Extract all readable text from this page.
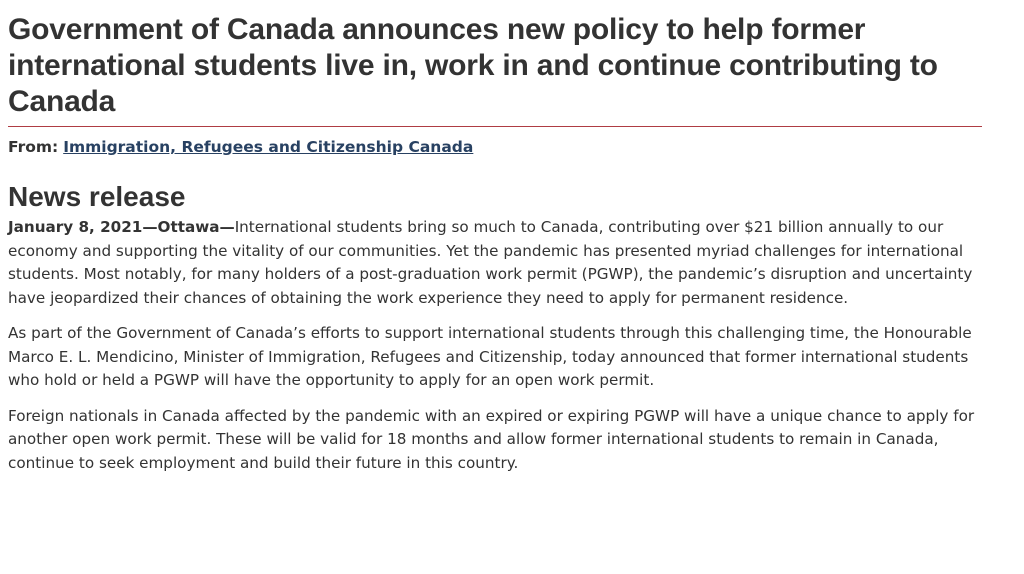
Government of Canada announces new policy to help former international students live in, work in and continue contributing to Canada
From: Immigration, Refugees and Citizenship Canada
News release

January 8, 2021—Ottawa—International students bring so much to Canada, contributing over $21 billion annually to our economy and supporting the vitality of our communities. Yet the pandemic has presented myriad challenges for international students. Most notably, for many holders of a post-graduation work permit (PGWP), the pandemic’s disruption and uncertainty have jeopardized their chances of obtaining the work experience they need to apply for permanent residence.

As part of the Government of Canada’s efforts to support international students through this challenging time, the Honourable Marco E. L. Mendicino, Minister of Immigration, Refugees and Citizenship, today announced that former international students who hold or held a PGWP will have the opportunity to apply for an open work permit.

Foreign nationals in Canada affected by the pandemic with an expired or expiring PGWP will have a unique chance to apply for another open work permit. These will be valid for 18 months and allow former international students to remain in Canada, continue to seek employment and build their future in this country.
